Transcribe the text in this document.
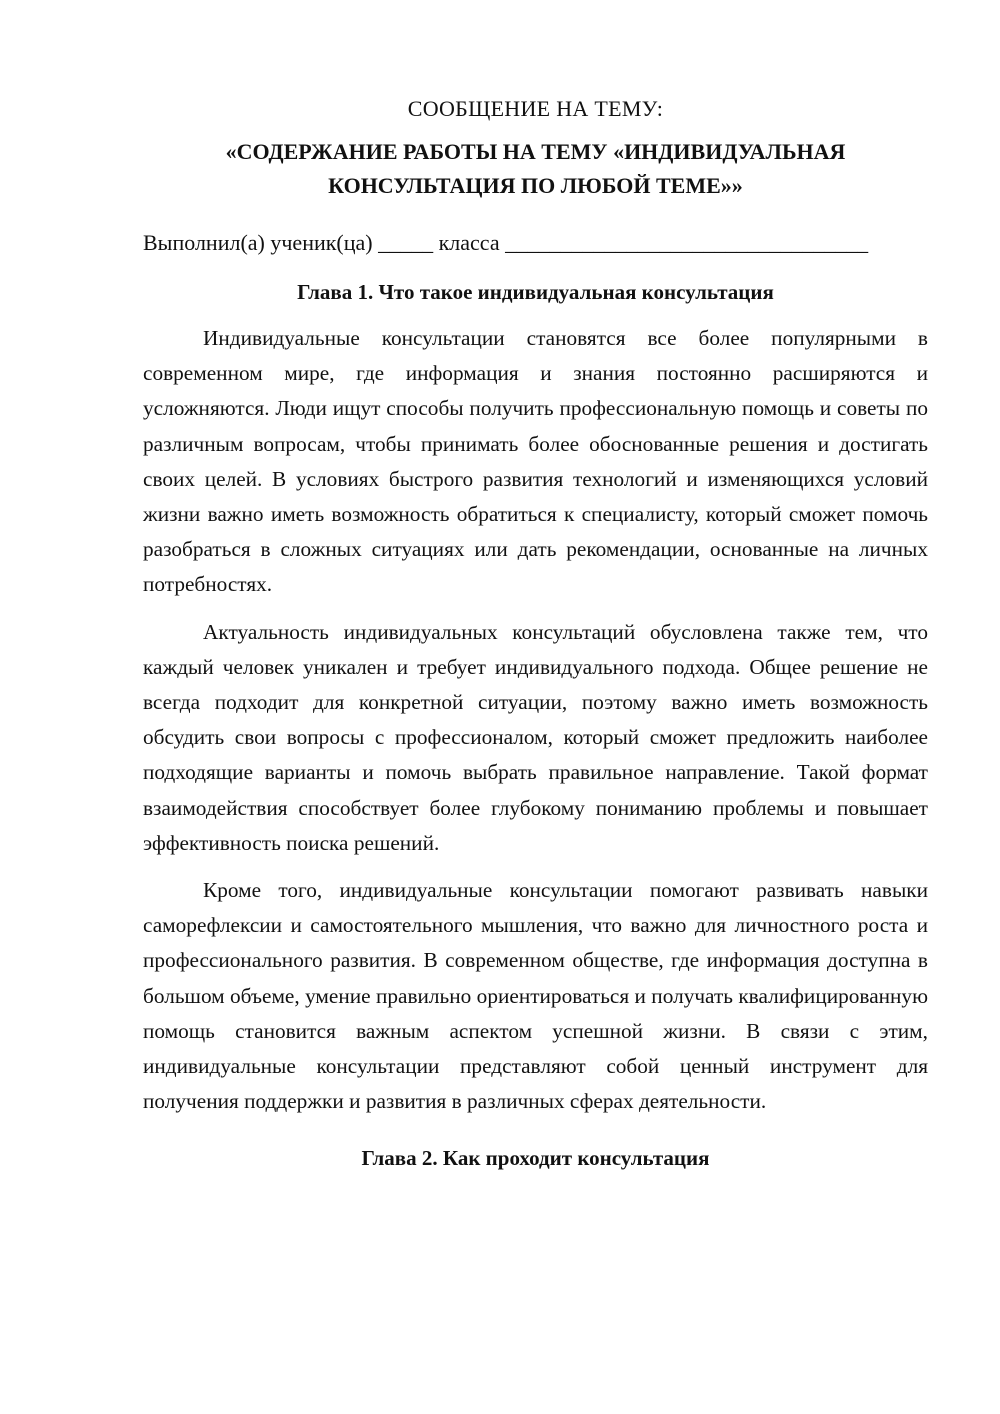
СООБЩЕНИЕ НА ТЕМУ:
«СОДЕРЖАНИЕ РАБОТЫ НА ТЕМУ «ИНДИВИДУАЛЬНАЯ КОНСУЛЬТАЦИЯ ПО ЛЮБОЙ ТЕМЕ»»
Выполнил(а) ученик(ца) _____ класса _________________________________
Глава 1. Что такое индивидуальная консультация

Индивидуальные консультации становятся все более популярными в современном мире, где информация и знания постоянно расширяются и усложняются. Люди ищут способы получить профессиональную помощь и советы по различным вопросам, чтобы принимать более обоснованные решения и достигать своих целей. В условиях быстрого развития технологий и изменяющихся условий жизни важно иметь возможность обратиться к специалисту, который сможет помочь разобраться в сложных ситуациях или дать рекомендации, основанные на личных потребностях.

Актуальность индивидуальных консультаций обусловлена также тем, что каждый человек уникален и требует индивидуального подхода. Общее решение не всегда подходит для конкретной ситуации, поэтому важно иметь возможность обсудить свои вопросы с профессионалом, который сможет предложить наиболее подходящие варианты и помочь выбрать правильное направление. Такой формат взаимодействия способствует более глубокому пониманию проблемы и повышает эффективность поиска решений.

Кроме того, индивидуальные консультации помогают развивать навыки саморефлексии и самостоятельного мышления, что важно для личностного роста и профессионального развития. В современном обществе, где информация доступна в большом объеме, умение правильно ориентироваться и получать квалифицированную помощь становится важным аспектом успешной жизни. В связи с этим, индивидуальные консультации представляют собой ценный инструмент для получения поддержки и развития в различных сферах деятельности.

Глава 2. Как проходит консультация
